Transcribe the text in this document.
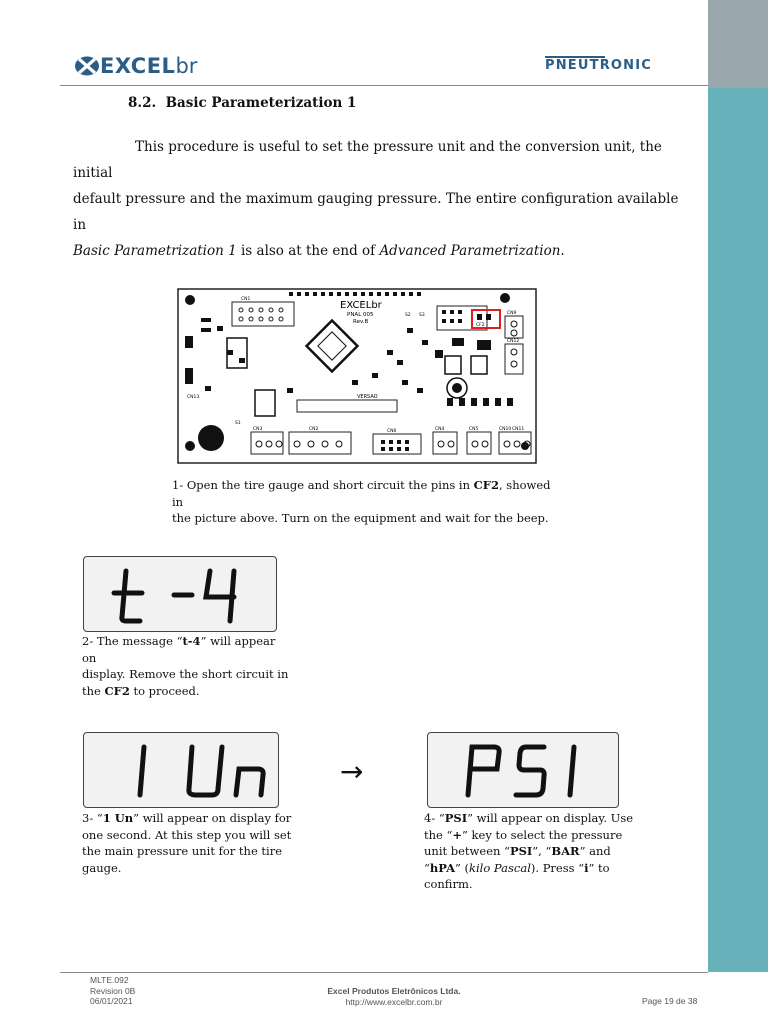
EXCEL br	PNEUTRONIC
8.2. Basic Parameterization 1
This procedure is useful to set the pressure unit and the conversion unit, the initial
default pressure and the maximum gauging pressure. The entire configuration available in
Basic Parametrization 1 is also at the end of Advanced Parametrization.
EXCELbr
PNAL 005
Rev.B
VERSAO
CN1
CN2
CN3	CN4	CN5
CN6
CN9
CN10 CN11
CN12
CN13
S1
S2 S3
CF2
1- Open the tire gauge and short circuit the pins in CF2, showed in
the picture above. Turn on the equipment and wait for the beep.
2- The message “t-4” will appear on
display. Remove the short circuit in
the CF2 to proceed.
→
3- “1 Un” will appear on display for
one second. At this step you will set
the main pressure unit for the tire
gauge.
4- “PSI” will appear on display. Use
the “+” key to select the pressure
unit between “PSI”, “BAR” and
“hPA” (kilo Pascal). Press “i” to
confirm.
MLTE.092
Revision 0B
06/01/2021
Excel Produtos Eletrônicos Ltda.
http://www.excelbr.com.br	Page 19 de 38
